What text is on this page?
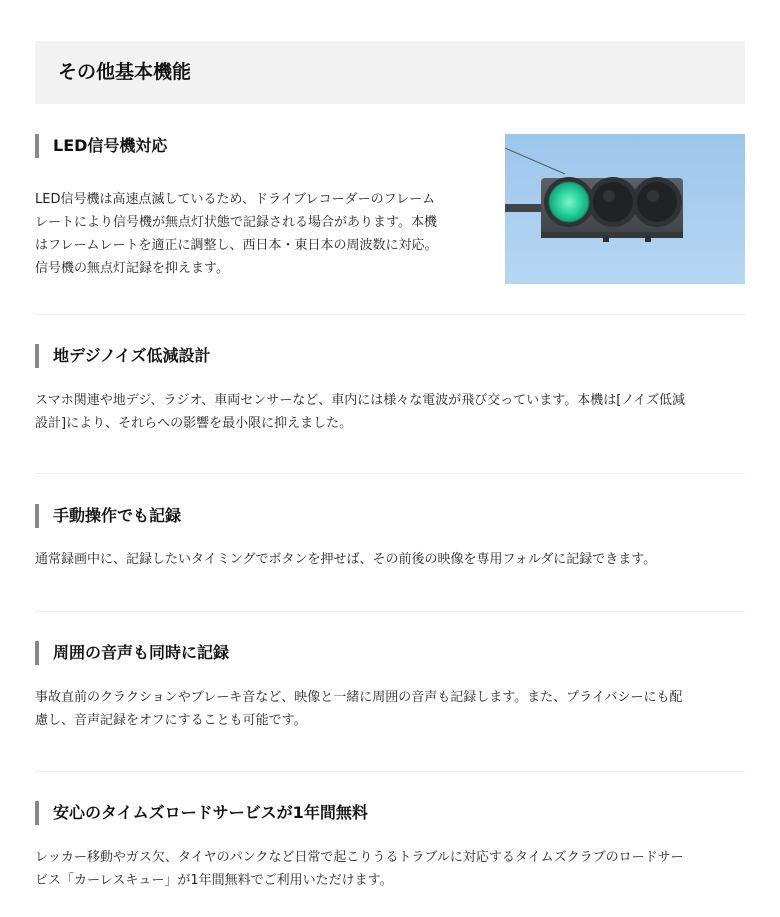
その他基本機能
LED信号機対応

LED信号機は高速点滅しているため、ドライブレコーダーのフレーム
レートにより信号機が無点灯状態で記録される場合があります。本機
はフレームレートを適正に調整し、西日本・東日本の周波数に対応。
信号機の無点灯記録を抑えます。

地デジノイズ低減設計

スマホ関連や地デジ、ラジオ、車両センサーなど、車内には様々な電波が飛び交っています。本機は[ノイズ低減
設計]により、それらへの影響を最小限に抑えました。

手動操作でも記録

通常録画中に、記録したいタイミングでボタンを押せば、その前後の映像を専用フォルダに記録できます。

周囲の音声も同時に記録

事故直前のクラクションやブレーキ音など、映像と一緒に周囲の音声も記録します。また、プライバシーにも配
慮し、音声記録をオフにすることも可能です。

安心のタイムズロードサービスが1年間無料

レッカー移動やガス欠、タイヤのパンクなど日常で起こりうるトラブルに対応するタイムズクラブのロードサー
ビス「カーレスキュー」が1年間無料でご利用いただけます。
